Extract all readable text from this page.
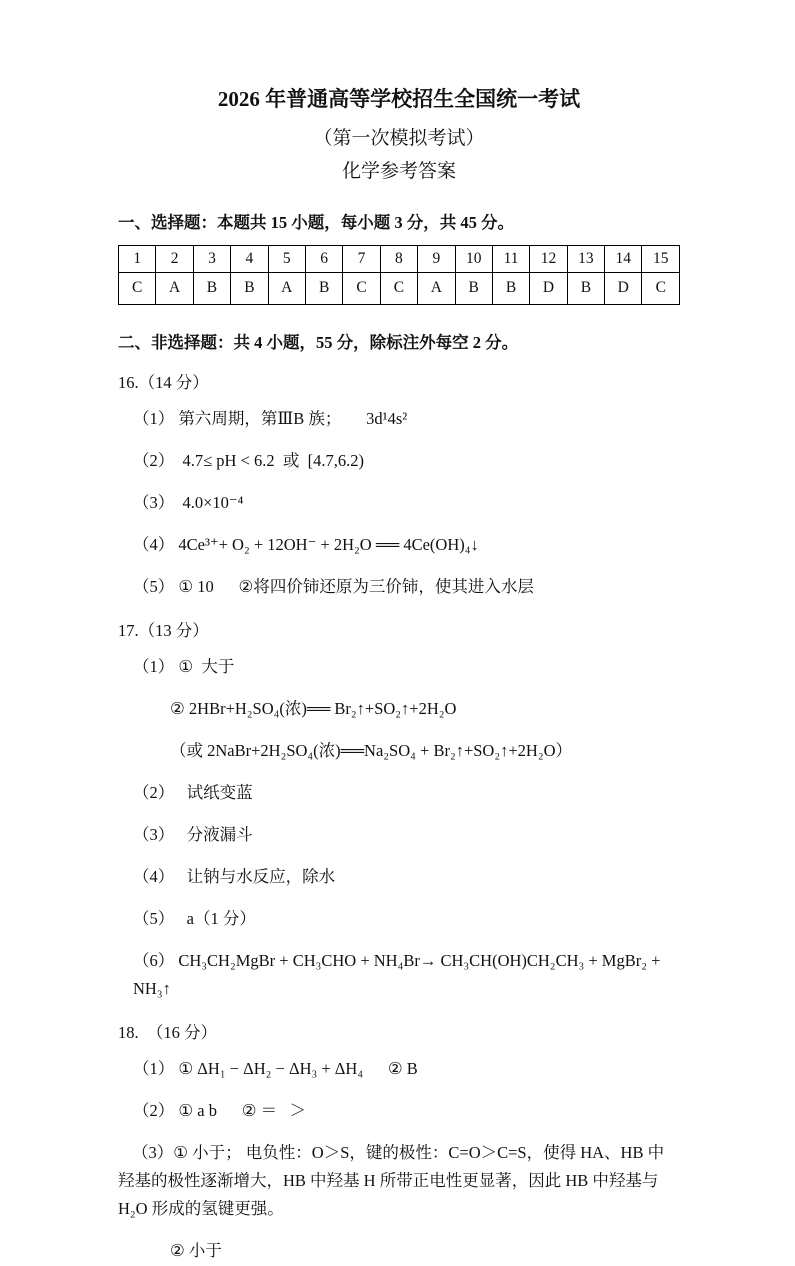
2026 年普通高等学校招生全国统一考试
（第一次模拟考试）
化学参考答案
一、选择题：本题共 15 小题，每小题 3 分，共 45 分。
1	2	3	4	5	6	7	8	9	10	11	12	13	14	15
C	A	B	B	A	B	C	C	A	B	B	D	B	D	C
二、非选择题：共 4 小题，55 分，除标注外每空 2 分。
16.（14 分）
（1） 第六周期，第ⅢB 族；      3d¹4s²
（2）  4.7≤ pH < 6.2  或  [4.7,6.2)
（3）  4.0×10⁻⁴
（4） 4Ce³⁺+ O₂ + 12OH⁻ + 2H₂O ══ 4Ce(OH)₄↓
（5） ① 10      ②将四价铈还原为三价铈，使其进入水层
17.（13 分）
（1） ①  大于
② 2HBr+H₂SO₄(浓)══ Br₂↑+SO₂↑+2H₂O
（或 2NaBr+2H₂SO₄(浓)══Na₂SO₄ + Br₂↑+SO₂↑+2H₂O）
（2）   试纸变蓝
（3）   分液漏斗
（4）   让钠与水反应，除水
（5）   a（1 分）
（6） CH₃CH₂MgBr + CH₃CHO + NH₄Br→ CH₃CH(OH)CH₂CH₃ + MgBr₂ + NH₃↑
18.  （16 分）
（1） ① ΔH₁ − ΔH₂ − ΔH₃ + ΔH₄      ② B
（2） ① a b      ② ＝   ＞
（3）① 小于； 电负性：O＞S，键的极性：C=O＞C=S，使得 HA、HB 中羟基的极性逐渐增大，HB 中羟基 H 所带正电性更显著，因此 HB 中羟基与 H₂O 形成的氢键更强。
② 小于
